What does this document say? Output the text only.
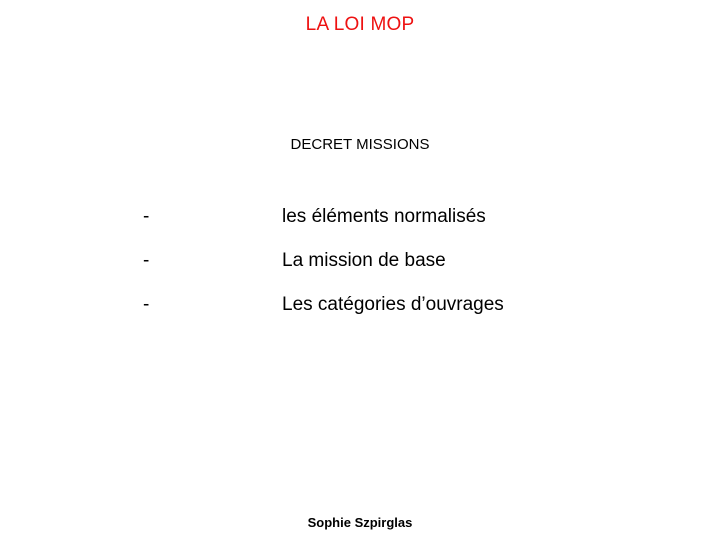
LA LOI MOP
DECRET MISSIONS
-	les éléments normalisés
-	La mission de base
-	Les catégories d’ouvrages
Sophie Szpirglas
